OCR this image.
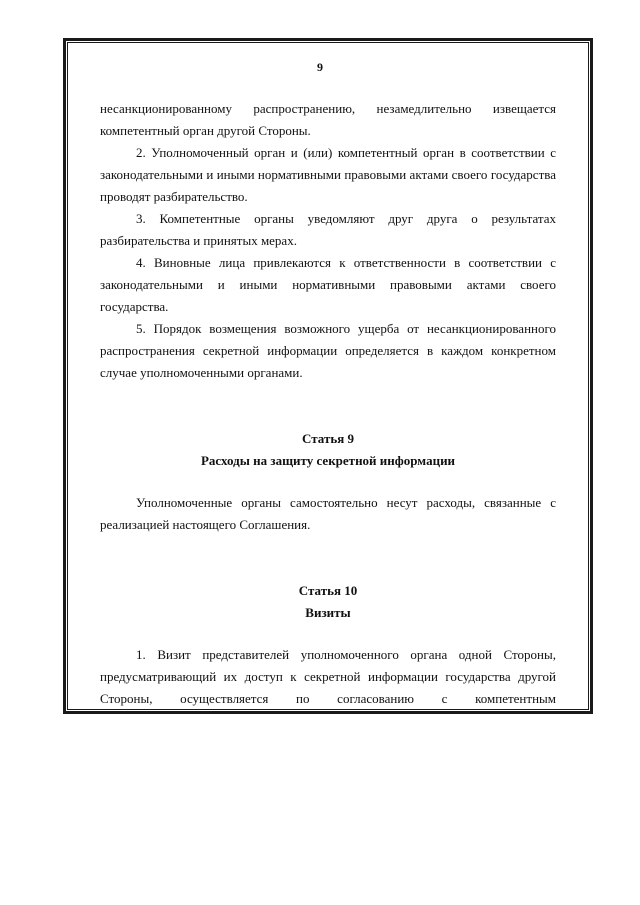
9

несанкционированному распространению, незамедлительно извещается компетентный орган другой Стороны.

2. Уполномоченный орган и (или) компетентный орган в соответствии с законодательными и иными нормативными правовыми актами своего государства проводят разбирательство.

3. Компетентные органы уведомляют друг друга о результатах разбирательства и принятых мерах.

4. Виновные лица привлекаются к ответственности в соответствии с законодательными и иными нормативными правовыми актами своего государства.

5. Порядок возмещения возможного ущерба от несанкционированного распространения секретной информации определяется в каждом конкретном случае уполномоченными органами.

Статья 9

Расходы на защиту секретной информации

Уполномоченные органы самостоятельно несут расходы, связанные с реализацией настоящего Соглашения.

Статья 10

Визиты

1. Визит представителей уполномоченного органа одной Стороны, предусматривающий их доступ к секретной информации государства другой Стороны, осуществляется по согласованию с компетентным
